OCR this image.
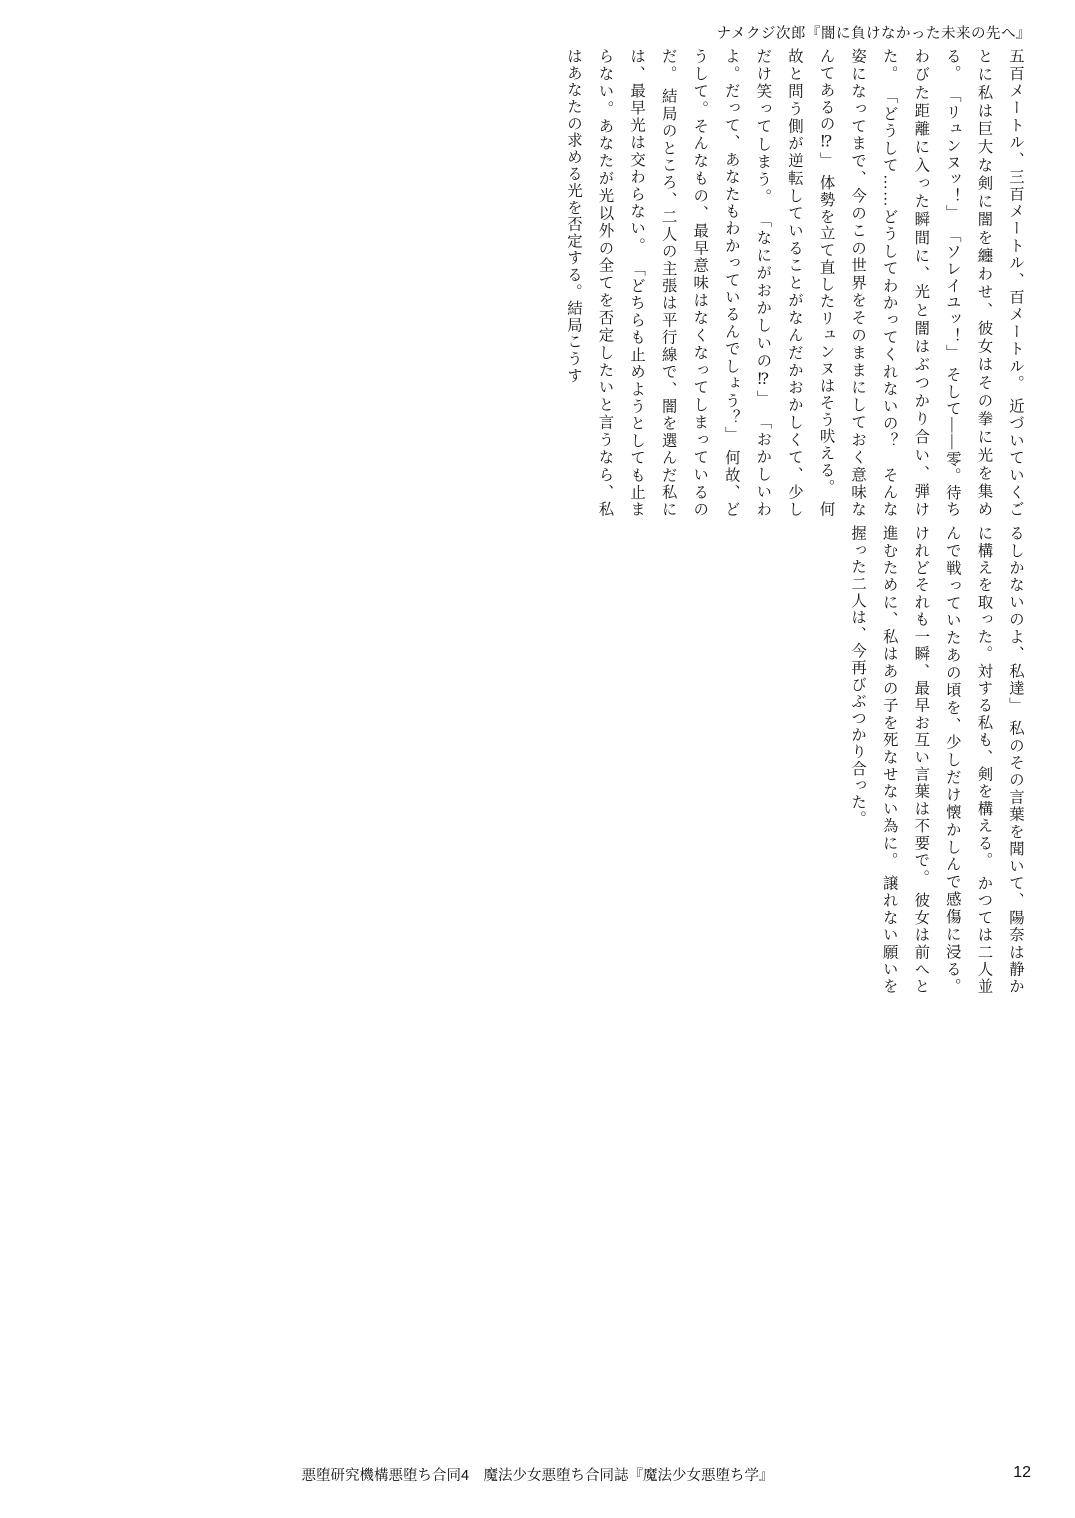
ナメクジ次郎『闇に負けなかった未来の先へ』

五百メートル、三百メートル、百メートル。 近づいていくごとに私は巨大な剣に闇を纏わせ、彼女はその拳に光を集める。 「リュンヌッ！」 「ソレイユッ！」 そして――零。待ちわびた距離に入った瞬間に、光と闇はぶつかり合い、弾けた。 「どうして……どうしてわかってくれないの？　そんな姿になってまで、今のこの世界をそのままにしておく意味なんてあるの⁉」 体勢を立て直したリュンヌはそう吠える。 何故と問う側が逆転していることがなんだかおかしくて、少しだけ笑ってしまう。 「なにがおかしいの⁉」 「おかしいわよ。だって、あなたもわかっているんでしょう？」 何故、どうして。そんなもの、最早意味はなくなってしまっているのだ。 結局のところ、二人の主張は平行線で、闇を選んだ私には、最早光は交わらない。 「どちらも止めようとしても止まらない。あなたが光以外の全てを否定したいと言うなら、私はあなたの求める光を否定する。結局こうす

るしかないのよ、私達」 私のその言葉を聞いて、陽奈は静かに構えを取った。対する私も、剣を構える。 かつては二人並んで戦っていたあの頃を、少しだけ懐かしんで感傷に浸る。 けれどそれも一瞬、最早お互い言葉は不要で。 彼女は前へと進むために、私はあの子を死なせない為に。 譲れない願いを握った二人は、今再びぶつかり合った。

悪堕研究機構悪堕ち合同4　魔法少女悪堕ち合同誌『魔法少女悪堕ち学』	12
